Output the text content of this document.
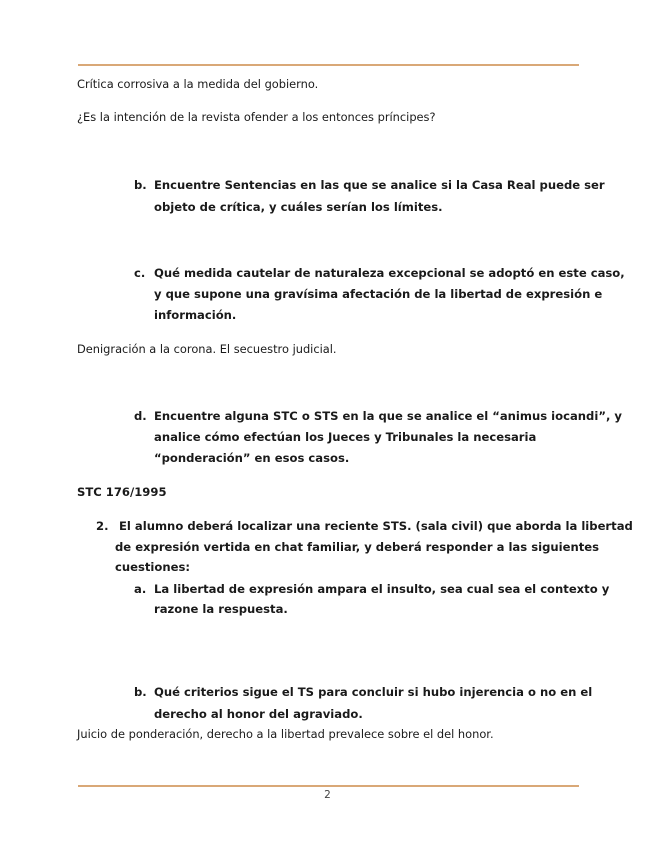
Crítica corrosiva a la medida del gobierno.
¿Es la intención de la revista ofender a los entonces príncipes?
b. Encuentre Sentencias en las que se analice si la Casa Real puede ser
objeto de crítica, y cuáles serían los límites.
c. Qué medida cautelar de naturaleza excepcional se adoptó en este caso,
y que supone una gravísima afectación de la libertad de expresión e
información.
Denigración a la corona. El secuestro judicial.
d. Encuentre alguna STC o STS en la que se analice el “animus iocandi”, y
analice cómo efectúan los Jueces y Tribunales la necesaria
“ponderación” en esos casos.
STC 176/1995
2. El alumno deberá localizar una reciente STS. (sala civil) que aborda la libertad
de expresión vertida en chat familiar, y deberá responder a las siguientes
cuestiones:
a. La libertad de expresión ampara el insulto, sea cual sea el contexto y
razone la respuesta.
b. Qué criterios sigue el TS para concluir si hubo injerencia o no en el
derecho al honor del agraviado.
Juicio de ponderación, derecho a la libertad prevalece sobre el del honor.
2
